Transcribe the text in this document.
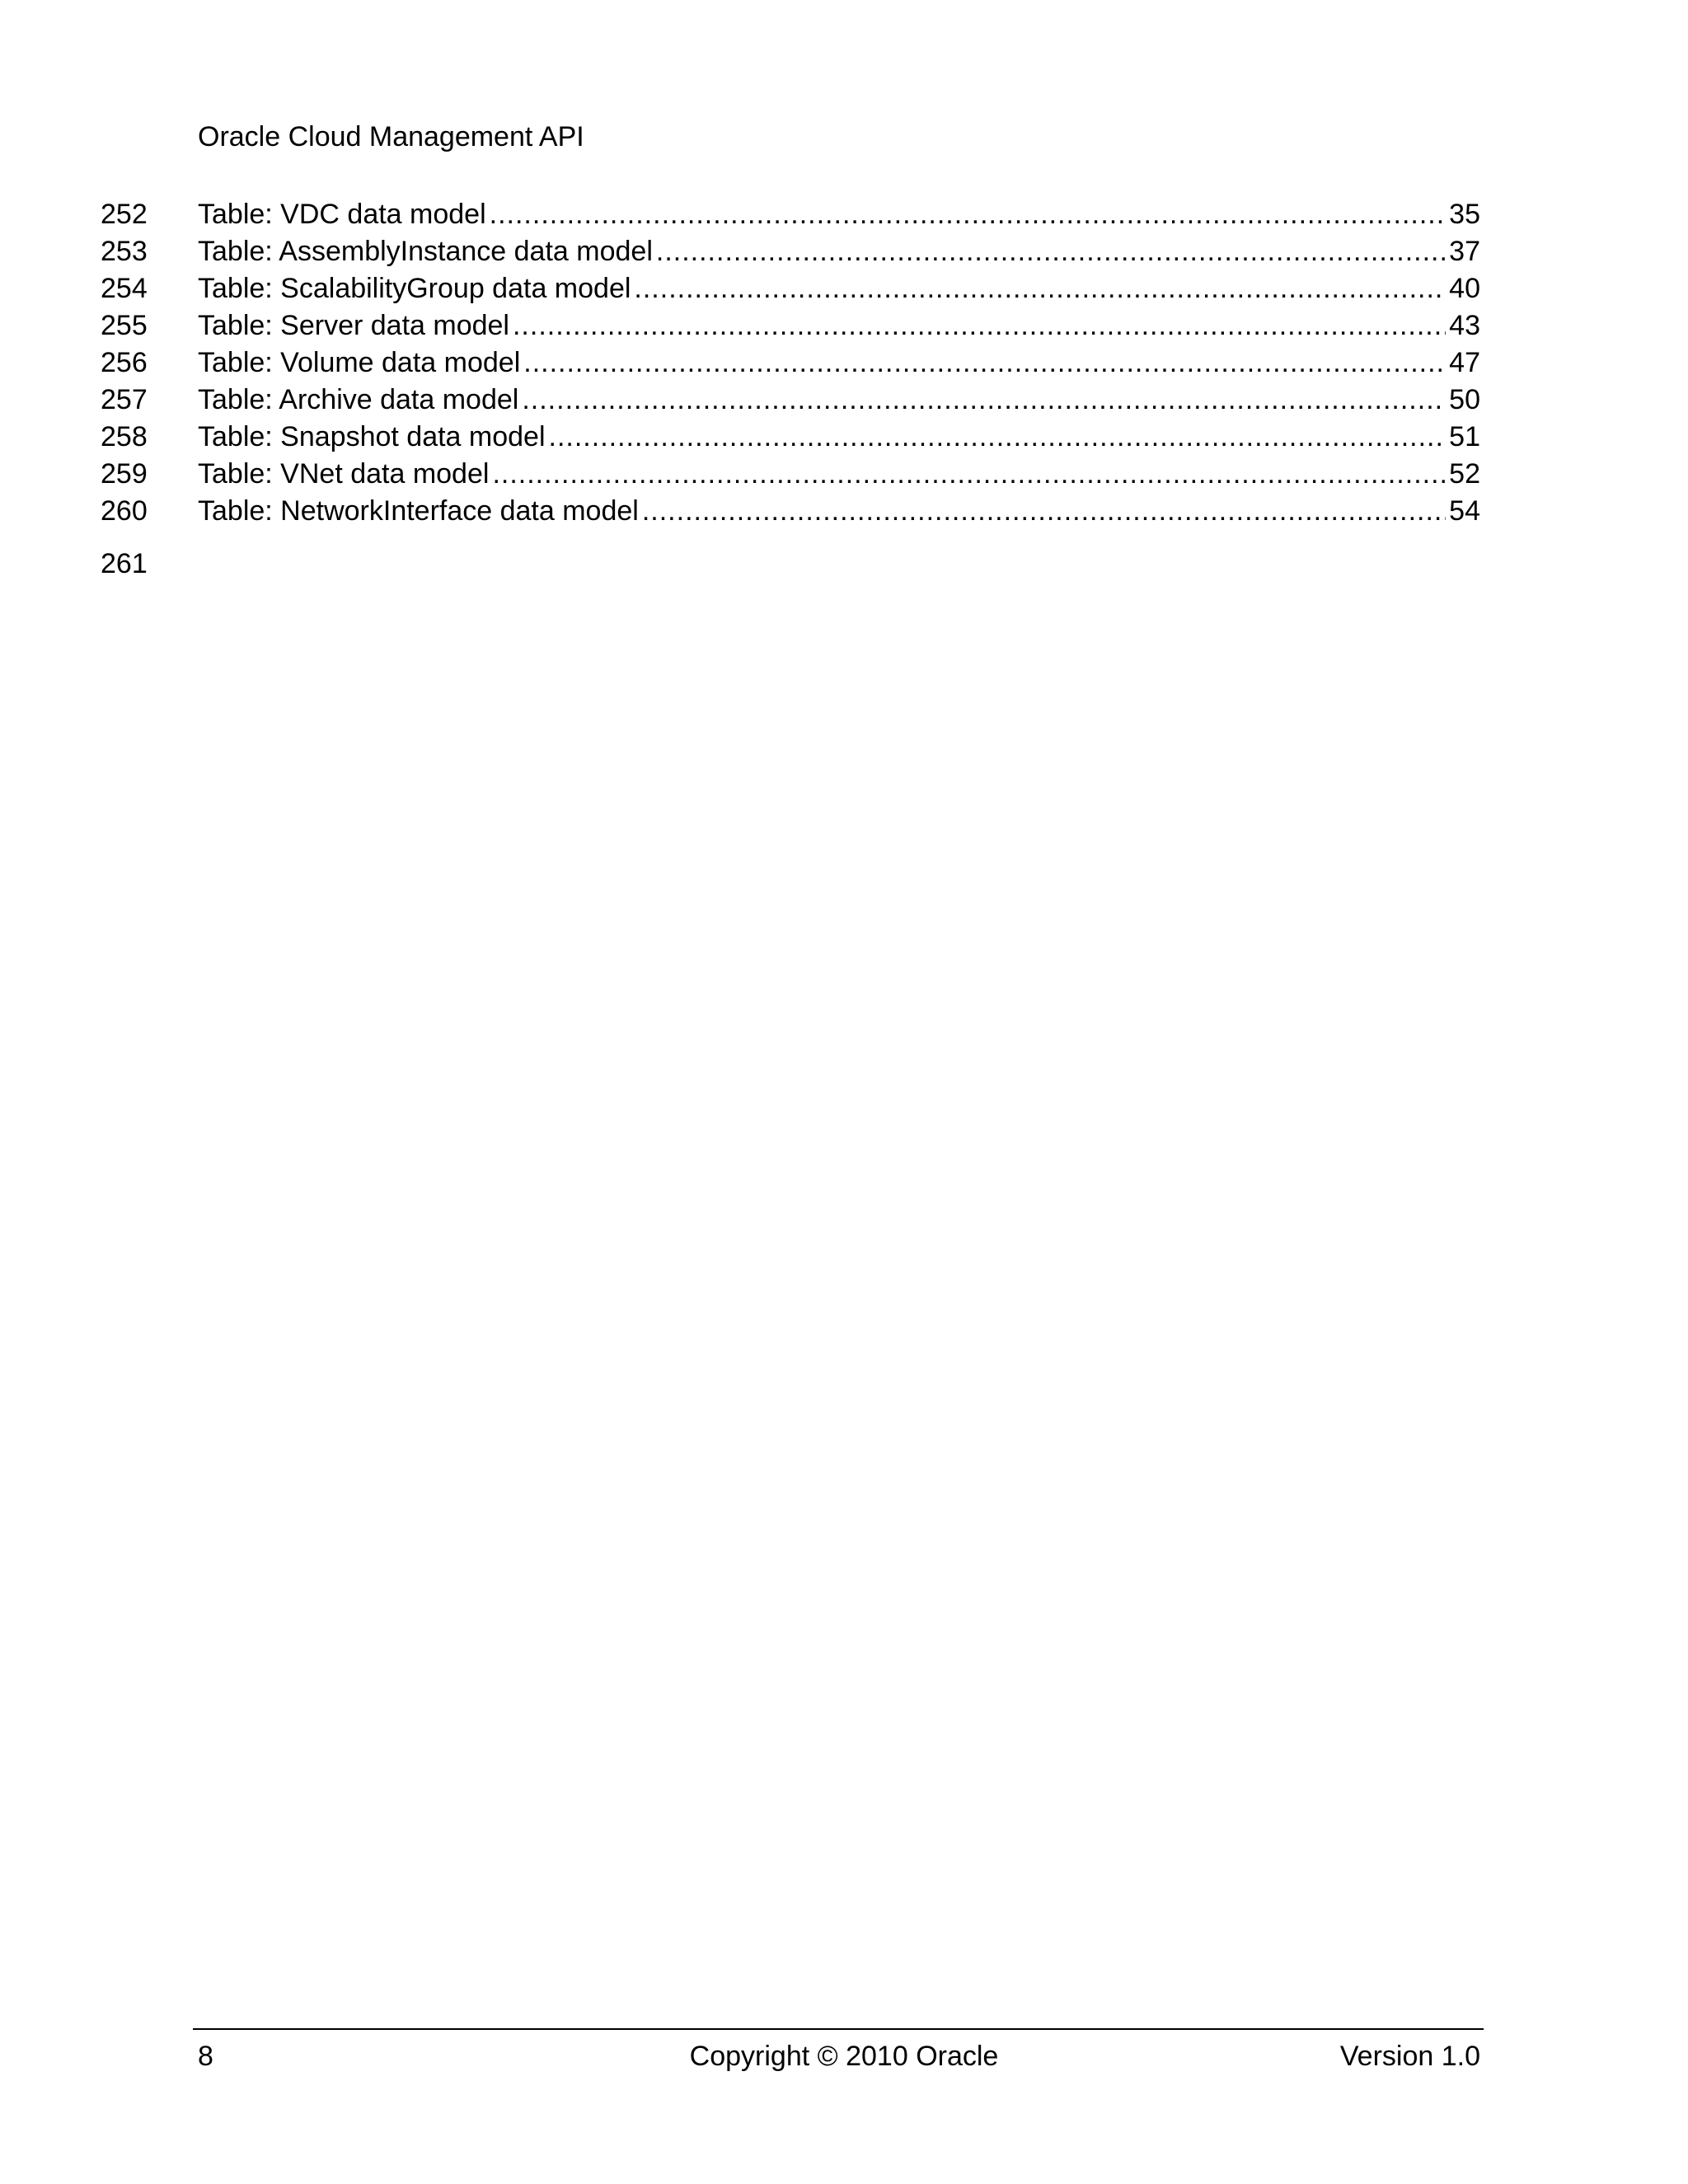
Oracle Cloud Management API
252 Table: VDC data model .....	35
253 Table: AssemblyInstance data model .....	37
254 Table: ScalabilityGroup data model .....	40
255 Table: Server data model .....	43
256 Table: Volume data model .....	47
257 Table: Archive data model .....	50
258 Table: Snapshot data model .....	51
259 Table: VNet data model .....	52
260 Table: NetworkInterface data model .....	54
261
8	Copyright © 2010 Oracle	Version 1.0
